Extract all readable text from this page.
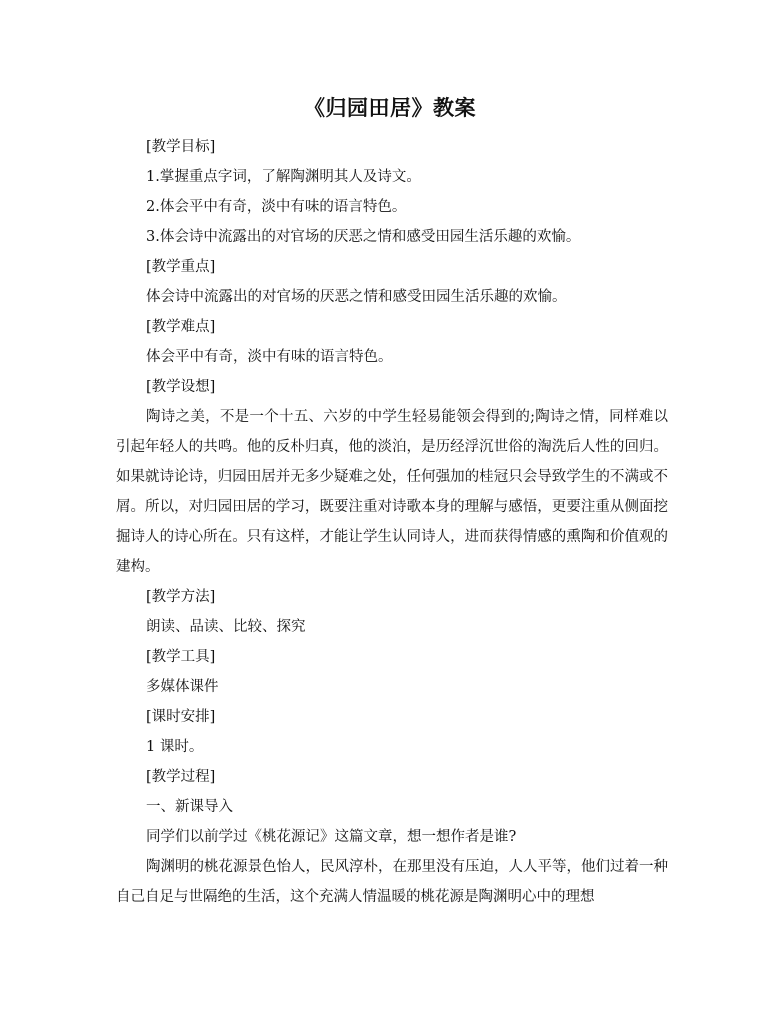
《归园田居》教案

[教学目标]

1.掌握重点字词，了解陶渊明其人及诗文。

2.体会平中有奇，淡中有味的语言特色。

3.体会诗中流露出的对官场的厌恶之情和感受田园生活乐趣的欢愉。

[教学重点]

体会诗中流露出的对官场的厌恶之情和感受田园生活乐趣的欢愉。

[教学难点]

体会平中有奇，淡中有味的语言特色。

[教学设想]

陶诗之美，不是一个十五、六岁的中学生轻易能领会得到的;陶诗之情，同样难以引起年轻人的共鸣。他的反朴归真，他的淡泊，是历经浮沉世俗的淘洗后人性的回归。如果就诗论诗，归园田居并无多少疑难之处，任何强加的桂冠只会导致学生的不满或不屑。所以，对归园田居的学习，既要注重对诗歌本身的理解与感悟，更要注重从侧面挖掘诗人的诗心所在。只有这样，才能让学生认同诗人，进而获得情感的熏陶和价值观的建构。

[教学方法]

朗读、品读、比较、探究

[教学工具]

多媒体课件

[课时安排]

1 课时。

[教学过程]

一、新课导入

同学们以前学过《桃花源记》这篇文章，想一想作者是谁?

陶渊明的桃花源景色怡人，民风淳朴，在那里没有压迫，人人平等，他们过着一种自己自足与世隔绝的生活，这个充满人情温暖的桃花源是陶渊明心中的理想
